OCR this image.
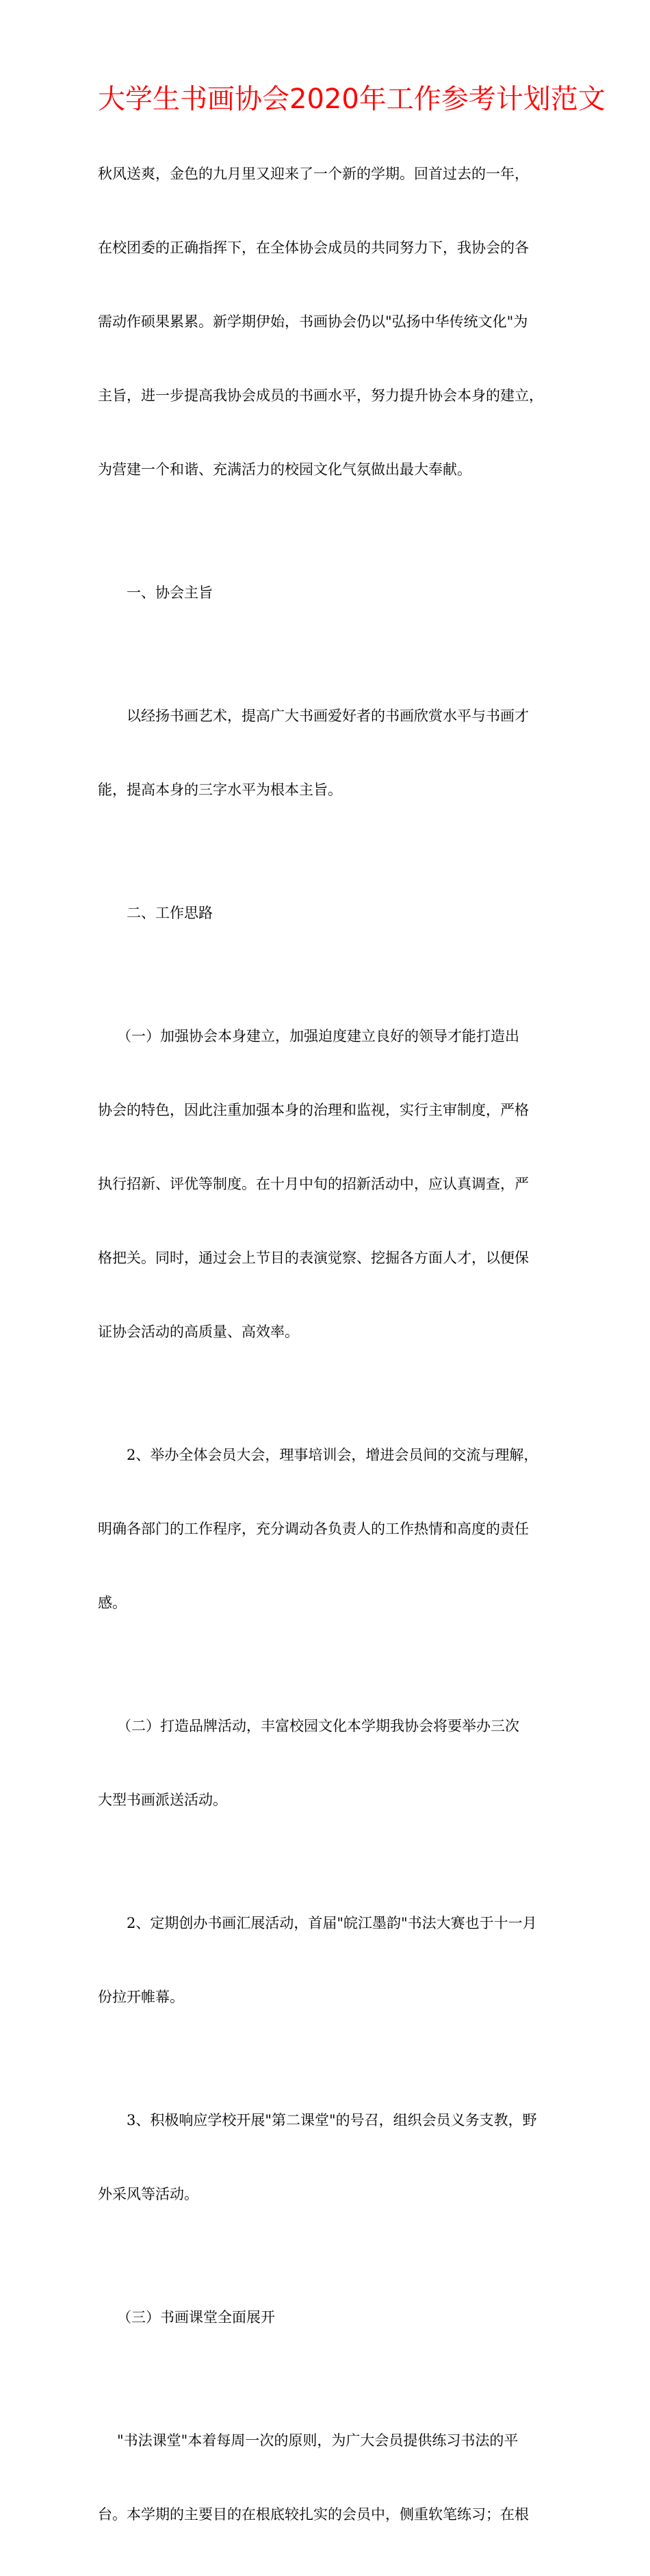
大学生书画协会2020年工作参考计划范文

秋风送爽，金色的九月里又迎来了一个新的学期。回首过去的一年，

在校团委的正确指挥下，在全体协会成员的共同努力下，我协会的各

需动作硕果累累。新学期伊始，书画协会仍以"弘扬中华传统文化"为

主旨，进一步提高我协会成员的书画水平，努力提升协会本身的建立，

为营建一个和谐、充满活力的校园文化气氛做出最大奉献。

一、协会主旨

以经扬书画艺术，提高广大书画爱好者的书画欣赏水平与书画才

能，提高本身的三字水平为根本主旨。

二、工作思路

（一）加强协会本身建立，加强迫度建立良好的领导才能打造出

协会的特色，因此注重加强本身的治理和监视，实行主审制度，严格

执行招新、评优等制度。在十月中旬的招新活动中，应认真调查，严

格把关。同时，通过会上节目的表演觉察、挖掘各方面人才，以便保

证协会活动的高质量、高效率。

2、举办全体会员大会，理事培训会，增进会员间的交流与理解，

明确各部门的工作程序，充分调动各负责人的工作热情和高度的责任

感。

（二）打造品牌活动，丰富校园文化本学期我协会将要举办三次

大型书画派送活动。

2、定期创办书画汇展活动，首届"皖江墨韵"书法大赛也于十一月

份拉开帷幕。

3、积极响应学校开展"第二课堂"的号召，组织会员义务支教，野

外采风等活动。

（三）书画课堂全面展开

"书法课堂"本着每周一次的原则，为广大会员提供练习书法的平

台。本学期的主要目的在根底较扎实的会员中，侧重软笔练习；在根
